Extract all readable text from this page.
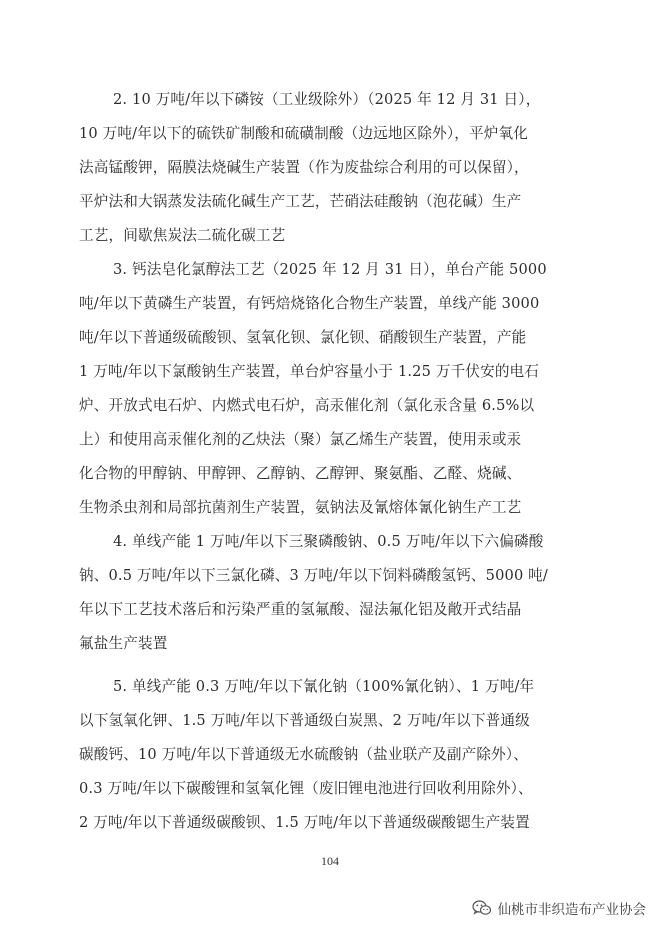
2. 10 万吨/年以下磷铵（工业级除外）（2025 年 12 月 31 日），
10 万吨/年以下的硫铁矿制酸和硫磺制酸（边远地区除外），平炉氧化
法高锰酸钾，隔膜法烧碱生产装置（作为废盐综合利用的可以保留），
平炉法和大锅蒸发法硫化碱生产工艺，芒硝法硅酸钠（泡花碱）生产
工艺，间歇焦炭法二硫化碳工艺
3. 钙法皂化氯醇法工艺（2025 年 12 月 31 日），单台产能 5000
吨/年以下黄磷生产装置，有钙焙烧铬化合物生产装置，单线产能 3000
吨/年以下普通级硫酸钡、氢氧化钡、氯化钡、硝酸钡生产装置，产能
1 万吨/年以下氯酸钠生产装置，单台炉容量小于 1.25 万千伏安的电石
炉、开放式电石炉、内燃式电石炉，高汞催化剂（氯化汞含量 6.5%以
上）和使用高汞催化剂的乙炔法（聚）氯乙烯生产装置，使用汞或汞
化合物的甲醇钠、甲醇钾、乙醇钠、乙醇钾、聚氨酯、乙醛、烧碱、
生物杀虫剂和局部抗菌剂生产装置，氨钠法及氰熔体氰化钠生产工艺
4. 单线产能 1 万吨/年以下三聚磷酸钠、0.5 万吨/年以下六偏磷酸
钠、0.5 万吨/年以下三氯化磷、3 万吨/年以下饲料磷酸氢钙、5000 吨/
年以下工艺技术落后和污染严重的氢氟酸、湿法氟化铝及敞开式结晶
氟盐生产装置
5. 单线产能 0.3 万吨/年以下氰化钠（100%氰化钠）、1 万吨/年
以下氢氧化钾、1.5 万吨/年以下普通级白炭黑、2 万吨/年以下普通级
碳酸钙、10 万吨/年以下普通级无水硫酸钠（盐业联产及副产除外）、
0.3 万吨/年以下碳酸锂和氢氧化锂（废旧锂电池进行回收利用除外）、
2 万吨/年以下普通级碳酸钡、1.5 万吨/年以下普通级碳酸锶生产装置
104
仙桃市非织造布产业协会
